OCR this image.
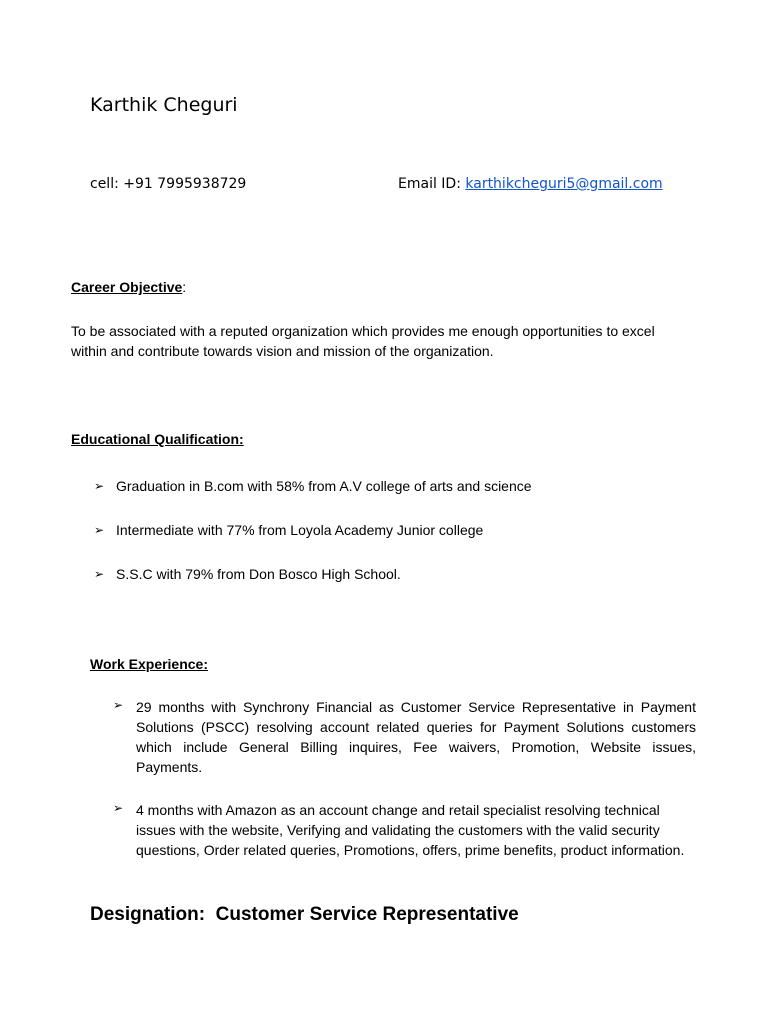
Karthik Cheguri
cell: +91 7995938729	Email ID: karthikcheguri5@gmail.com
Career Objective:
To be associated with a reputed organization which provides me enough opportunities to excel within and contribute towards vision and mission of the organization.
Educational Qualification:
➢ Graduation in B.com with 58% from A.V college of arts and science
➢ Intermediate with 77% from Loyola Academy Junior college
➢ S.S.C with 79% from Don Bosco High School.
Work Experience:
➢ 29 months with Synchrony Financial as Customer Service Representative in Payment Solutions (PSCC) resolving account related queries for Payment Solutions customers which include General Billing inquires, Fee waivers, Promotion, Website issues, Payments.
➢ 4 months with Amazon as an account change and retail specialist resolving technical issues with the website, Verifying and validating the customers with the valid security questions, Order related queries, Promotions, offers, prime benefits, product information.
Designation: Customer Service Representative
